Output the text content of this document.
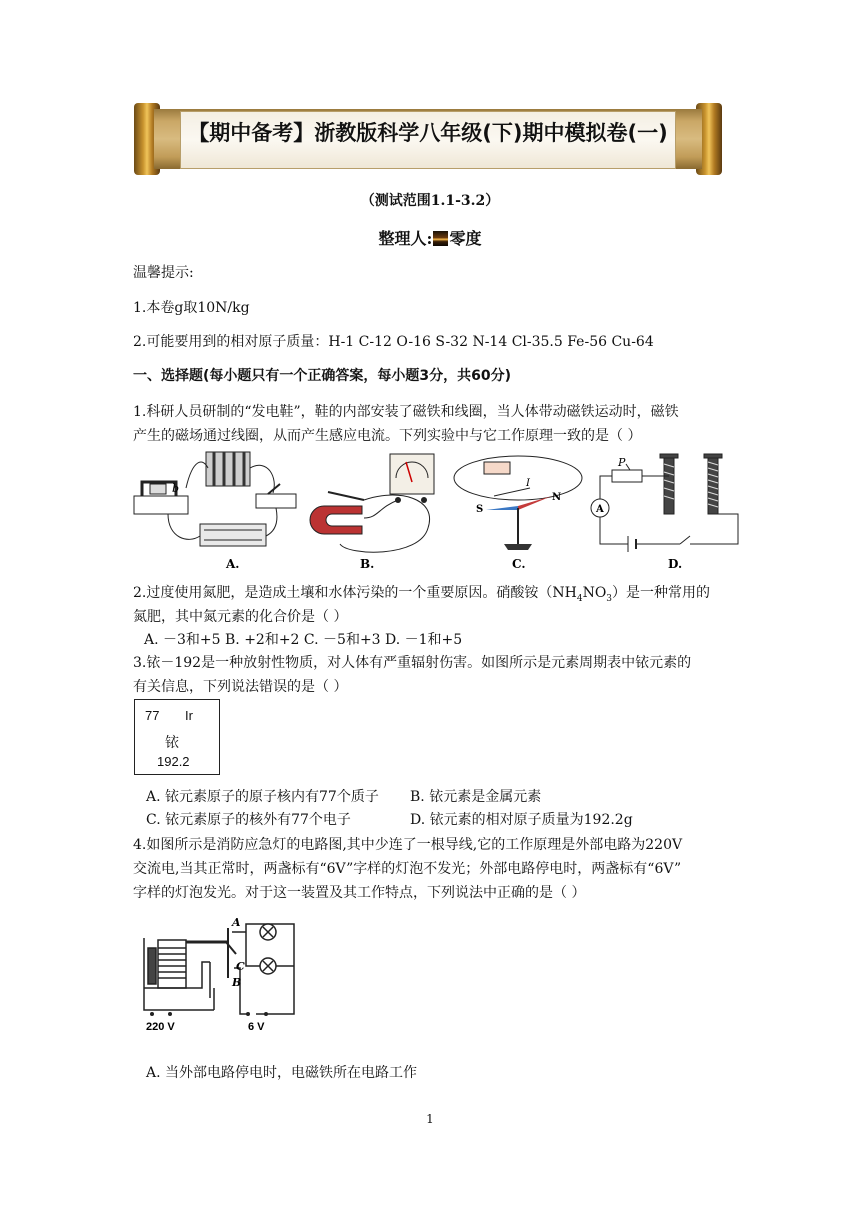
【期中备考】浙教版科学八年级(下)期中模拟卷(一)
（测试范围1.1-3.2）
整理人: 零度
温馨提示:
1.本卷g取10N/kg
2.可能要用到的相对原子质量：H-1 C-12 O-16 S-32 N-14 Cl-35.5 Fe-56 Cu-64
一、选择题(每小题只有一个正确答案，每小题3分，共60分)
1.科研人员研制的“发电鞋”，鞋的内部安装了磁铁和线圈，当人体带动磁铁运动时，磁铁
产生的磁场通过线圈，从而产生感应电流。下列实验中与它工作原理一致的是（ ）
b
A.	B.
S
N
I
C.
P
A
D.
2.过度使用氮肥，是造成土壤和水体污染的一个重要原因。硝酸铵$(NH_4NO_3)$是一种常用的
氮肥，其中氮元素的化合价是（ ）
A. －3和+5 B. +2和+2 C. －5和+3 D. －1和+5
3.铱－192是一种放射性物质，对人体有严重辐射伤害。如图所示是元素周期表中铱元素的
有关信息，下列说法错误的是（ ）
77 Ir
铱
192.2
A. 铱元素原子的原子核内有77个质子 B. 铱元素是金属元素
C. 铱元素原子的核外有77个电子	D. 铱元素的相对原子质量为192.2g
4.如图所示是消防应急灯的电路图,其中少连了一根导线,它的工作原理是外部电路为220V
交流电,当其正常时，两盏标有“6V”字样的灯泡不发光；外部电路停电时，两盏标有“6V”
字样的灯泡发光。对于这一装置及其工作特点，下列说法中正确的是（ ）
A
B
C
220 V	6 V
A. 当外部电路停电时，电磁铁所在电路工作
1
